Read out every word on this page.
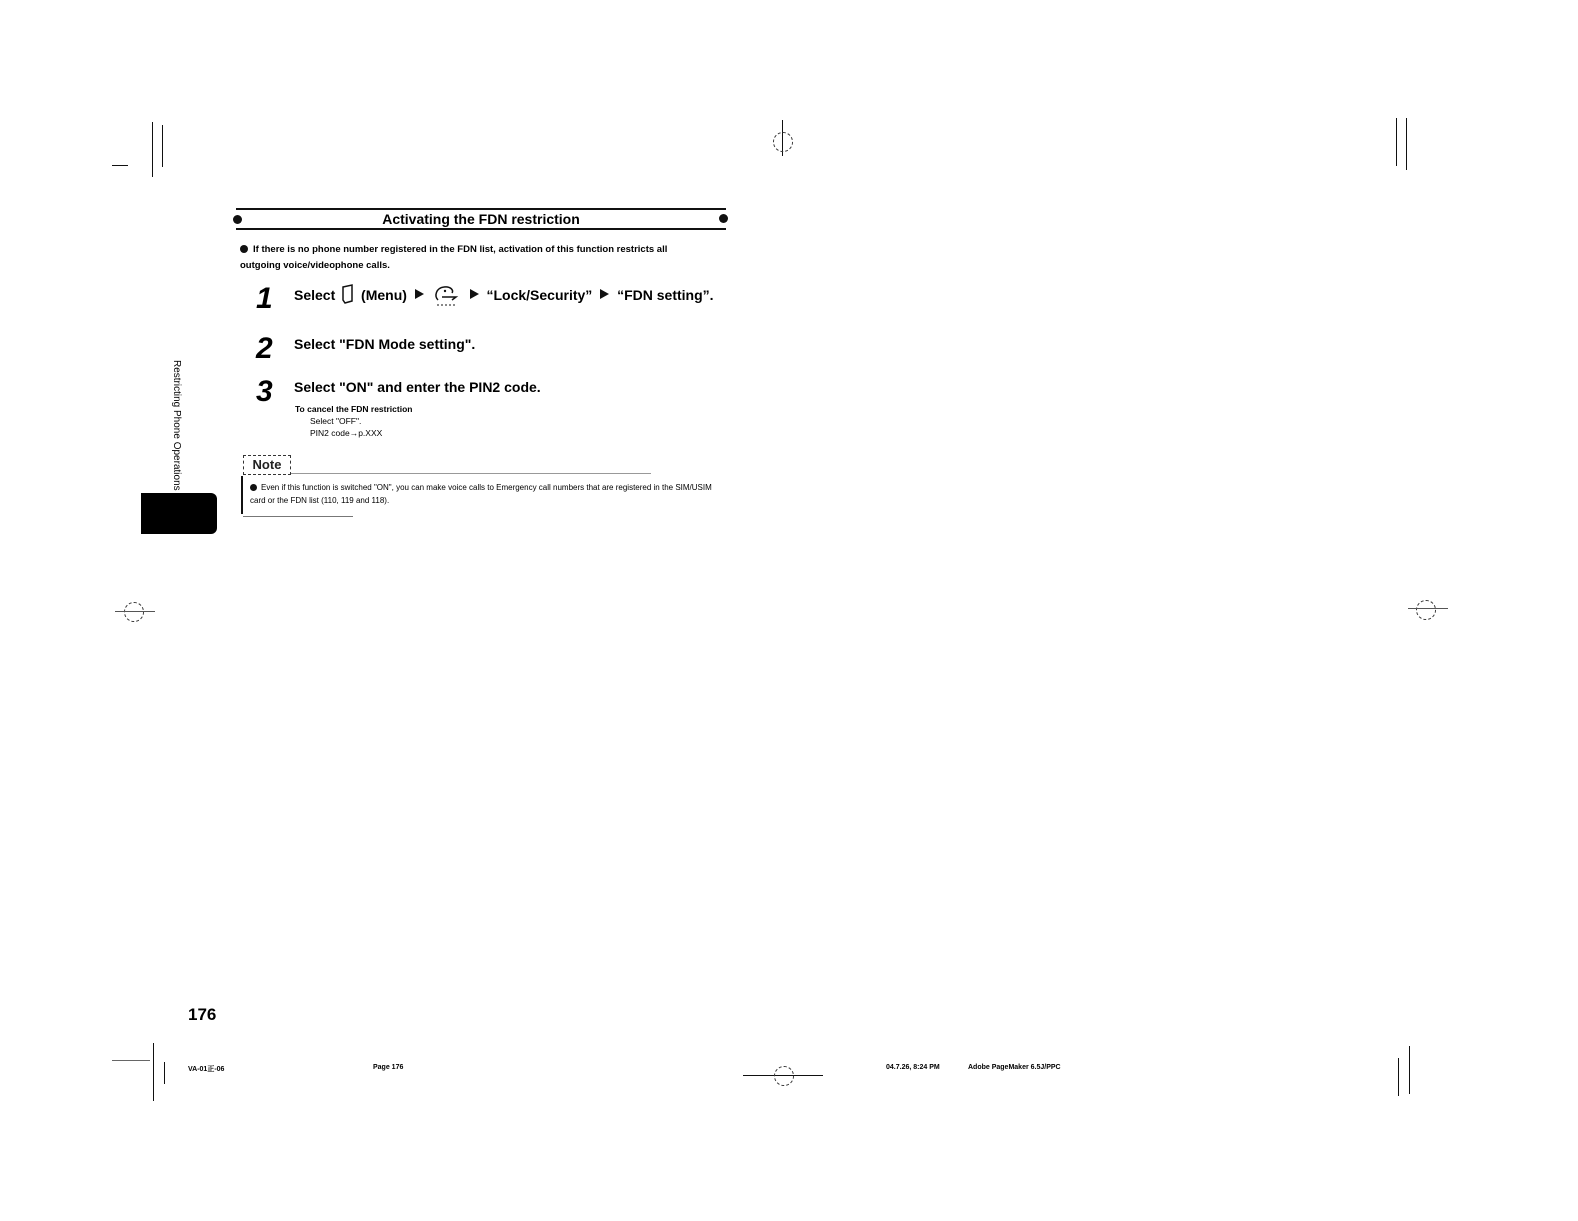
Activating the FDN restriction
If there is no phone number registered in the FDN list, activation of this function restricts all outgoing voice/videophone calls.
1 Select (Menu)	“Lock/Security” “FDN setting”.
2 Select "FDN Mode setting".
3 Select "ON" and enter the PIN2 code.
To cancel the FDN restriction
Select "OFF".
PIN2 code→p.XXX
Note
Even if this function is switched "ON", you can make voice calls to Emergency call numbers that are registered in the SIM/USIM card or the FDN list (110, 119 and 118).
Restricting Phone Operations
176
VA-01正-06	Page 176	04.7.26, 8:24 PM	Adobe PageMaker 6.5J/PPC
